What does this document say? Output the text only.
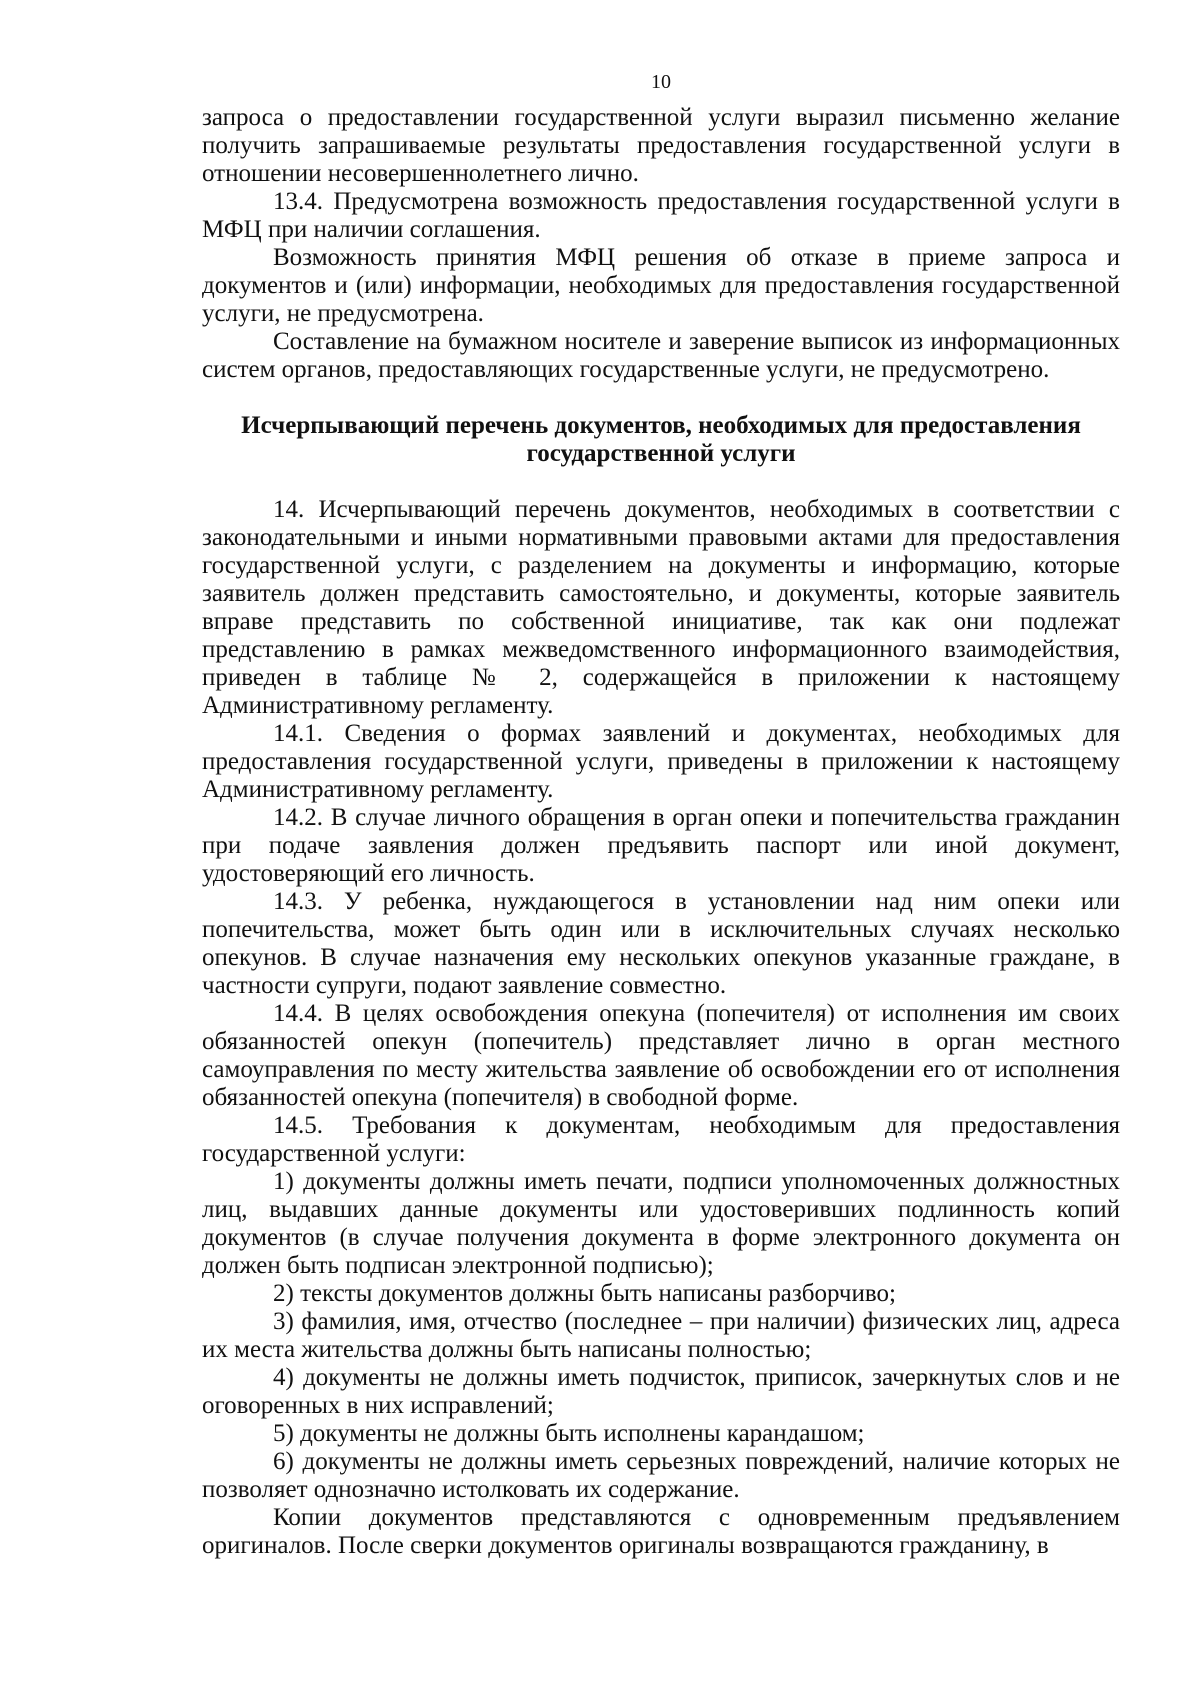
10

запроса о предоставлении государственной услуги выразил письменно желание получить запрашиваемые результаты предоставления государственной услуги в отношении несовершеннолетнего лично.

13.4. Предусмотрена возможность предоставления государственной услуги в МФЦ при наличии соглашения.

Возможность принятия МФЦ решения об отказе в приеме запроса и документов и (или) информации, необходимых для предоставления государственной услуги, не предусмотрена.

Составление на бумажном носителе и заверение выписок из информационных систем органов, предоставляющих государственные услуги, не предусмотрено.

Исчерпывающий перечень документов, необходимых для предоставления государственной услуги

14. Исчерпывающий перечень документов, необходимых в соответствии с законодательными и иными нормативными правовыми актами для предоставления государственной услуги, с разделением на документы и информацию, которые заявитель должен представить самостоятельно, и документы, которые заявитель вправе представить по собственной инициативе, так как они подлежат представлению в рамках межведомственного информационного взаимодействия, приведен в таблице № 2, содержащейся в приложении к настоящему Административному регламенту.

14.1. Сведения о формах заявлений и документах, необходимых для предоставления государственной услуги, приведены в приложении к настоящему Административному регламенту.

14.2. В случае личного обращения в орган опеки и попечительства гражданин при подаче заявления должен предъявить паспорт или иной документ, удостоверяющий его личность.

14.3. У ребенка, нуждающегося в установлении над ним опеки или попечительства, может быть один или в исключительных случаях несколько опекунов. В случае назначения ему нескольких опекунов указанные граждане, в частности супруги, подают заявление совместно.

14.4. В целях освобождения опекуна (попечителя) от исполнения им своих обязанностей опекун (попечитель) представляет лично в орган местного самоуправления по месту жительства заявление об освобождении его от исполнения обязанностей опекуна (попечителя) в свободной форме.

14.5. Требования к документам, необходимым для предоставления государственной услуги:

1) документы должны иметь печати, подписи уполномоченных должностных лиц, выдавших данные документы или удостоверивших подлинность копий документов (в случае получения документа в форме электронного документа он должен быть подписан электронной подписью);

2) тексты документов должны быть написаны разборчиво;

3) фамилия, имя, отчество (последнее – при наличии) физических лиц, адреса их места жительства должны быть написаны полностью;

4) документы не должны иметь подчисток, приписок, зачеркнутых слов и не оговоренных в них исправлений;

5) документы не должны быть исполнены карандашом;

6) документы не должны иметь серьезных повреждений, наличие которых не позволяет однозначно истолковать их содержание.

Копии документов представляются с одновременным предъявлением оригиналов. После сверки документов оригиналы возвращаются гражданину, в
